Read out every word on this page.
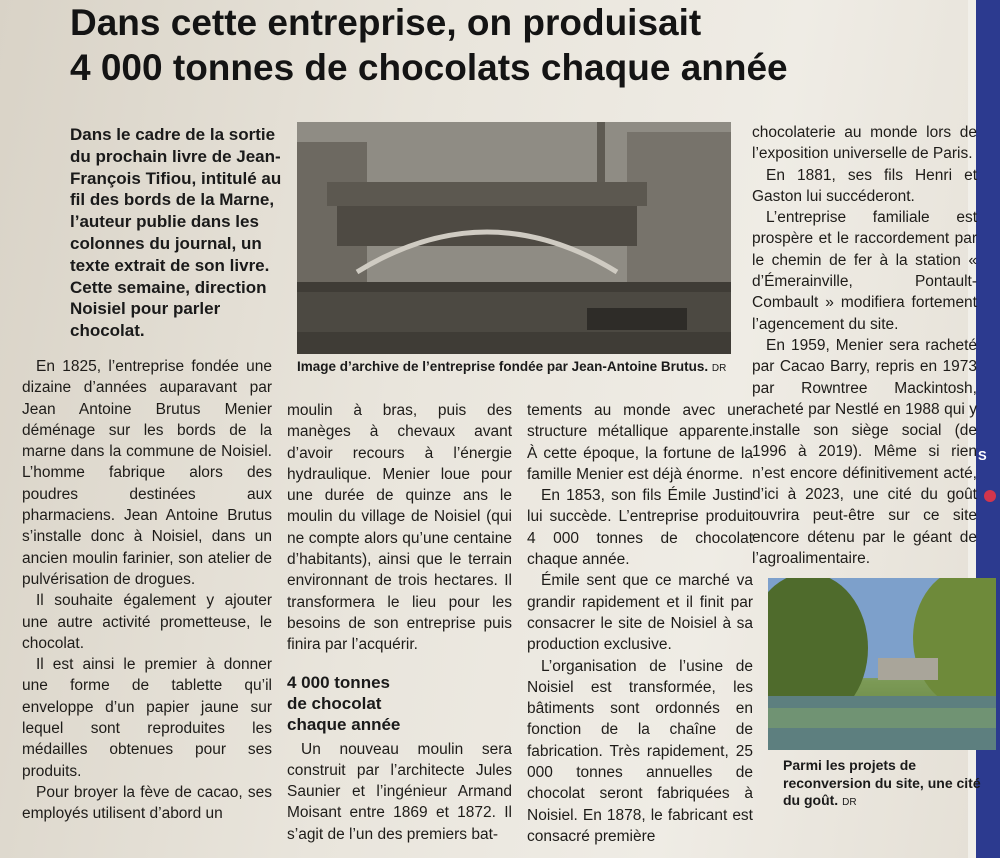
S
Dans cette entreprise, on produisait
4 000 tonnes de chocolats chaque année
Dans le cadre de la sortie du prochain livre de Jean-François Tifiou, intitulé au fil des bords de la Marne, l’auteur publie dans les colonnes du journal, un texte extrait de son livre. Cette semaine, direction Noisiel pour parler chocolat.
Image d’archive de l’entreprise fondée par Jean-Antoine Brutus. DR

En 1825, l’entreprise fondée une dizaine d’années auparavant par Jean Antoine Brutus Menier déménage sur les bords de la marne dans la commune de Noisiel. L’homme fabrique alors des poudres destinées aux pharmaciens. Jean Antoine Brutus s’installe donc à Noisiel, dans un ancien moulin farinier, son atelier de pulvérisation de drogues.

Il souhaite également y ajouter une autre activité prometteuse, le chocolat.

Il est ainsi le premier à donner une forme de tablette qu’il enveloppe d’un papier jaune sur lequel sont reproduites les médailles obtenues pour ses produits.

Pour broyer la fève de cacao, ses employés utilisent d’abord un

moulin à bras, puis des manèges à chevaux avant d’avoir recours à l’énergie hydraulique. Menier loue pour une durée de quinze ans le moulin du village de Noisiel (qui ne compte alors qu’une centaine d’habitants), ainsi que le terrain environnant de trois hectares. Il transformera le lieu pour les besoins de son entreprise puis finira par l’acquérir.

4 000 tonnes
de chocolat
chaque année

Un nouveau moulin sera construit par l’architecte Jules Saunier et l’ingénieur Armand Moisant entre 1869 et 1872. Il s’agit de l’un des premiers bat-

tements au monde avec une structure métallique apparente. À cette époque, la fortune de la famille Menier est déjà énorme.

En 1853, son fils Émile Justin lui succède. L’entreprise produit 4 000 tonnes de chocolat chaque année.

Émile sent que ce marché va grandir rapidement et il finit par consacrer le site de Noisiel à sa production exclusive.

L’organisation de l’usine de Noisiel est transformée, les bâtiments sont ordonnés en fonction de la chaîne de fabrication. Très rapidement, 25 000 tonnes annuelles de chocolat seront fabriquées à Noisiel. En 1878, le fabricant est consacré première

chocolaterie au monde lors de l’exposition universelle de Paris.

En 1881, ses fils Henri et Gaston lui succéderont.

L’entreprise familiale est prospère et le raccordement par le chemin de fer à la station « d’Émerainville, Pontault-Combault » modifiera fortement l’agencement du site.

En 1959, Menier sera racheté par Cacao Barry, repris en 1973 par Rowntree Mackintosh, racheté par Nestlé en 1988 qui y installe son siège social (de 1996 à 2019). Même si rien n’est encore définitivement acté, d’ici à 2023, une cité du goût ouvrira peut-être sur ce site encore détenu par le géant de l’agroalimentaire.

Parmi les projets de reconversion du site, une cité du goût. DR
